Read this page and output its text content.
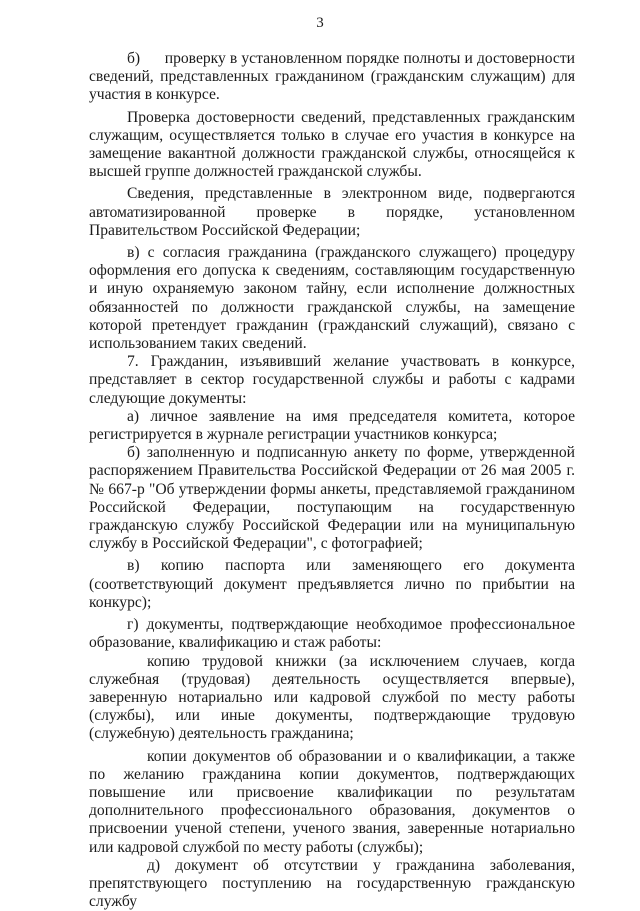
3

б)      проверку в установленном порядке полноты и достоверности сведений, представленных гражданином (гражданским служащим) для участия в конкурсе.

Проверка достоверности сведений, представленных гражданским служащим, осуществляется только в случае его участия в конкурсе на замещение вакантной должности гражданской службы, относящейся к высшей группе должностей гражданской службы.

Сведения, представленные в электронном виде, подвергаются автоматизированной проверке в порядке, установленном Правительством Российской Федерации;

в) с согласия гражданина (гражданского служащего) процедуру оформления его допуска к сведениям, составляющим государственную и иную охраняемую законом тайну, если исполнение должностных обязанностей по должности гражданской службы, на замещение которой претендует гражданин (гражданский служащий), связано с использованием таких сведений.

7. Гражданин, изъявивший желание участвовать в конкурсе, представляет в сектор государственной службы и работы с кадрами следующие документы:

а) личное заявление на имя председателя комитета, которое регистрируется в журнале регистрации участников конкурса;

б) заполненную и подписанную анкету по форме, утвержденной распоряжением Правительства Российской Федерации от 26 мая 2005 г. № 667-р "Об утверждении формы анкеты, представляемой гражданином Российской Федерации, поступающим на государственную гражданскую службу Российской Федерации или на муниципальную службу в Российской Федерации", с фотографией;

в) копию паспорта или заменяющего его документа (соответствующий документ предъявляется лично по прибытии на конкурс);

г) документы, подтверждающие необходимое профессиональное образование, квалификацию и стаж работы:

копию трудовой книжки (за исключением случаев, когда служебная (трудовая) деятельность осуществляется впервые), заверенную нотариально или кадровой службой по месту работы (службы), или иные документы, подтверждающие трудовую (служебную) деятельность гражданина;

копии документов об образовании и о квалификации, а также по желанию гражданина копии документов, подтверждающих повышение или присвоение квалификации по результатам дополнительного профессионального образования, документов о присвоении ученой степени, ученого звания, заверенные нотариально или кадровой службой по месту работы (службы);

д) документ об отсутствии у гражданина заболевания, препятствующего поступлению на государственную гражданскую службу
